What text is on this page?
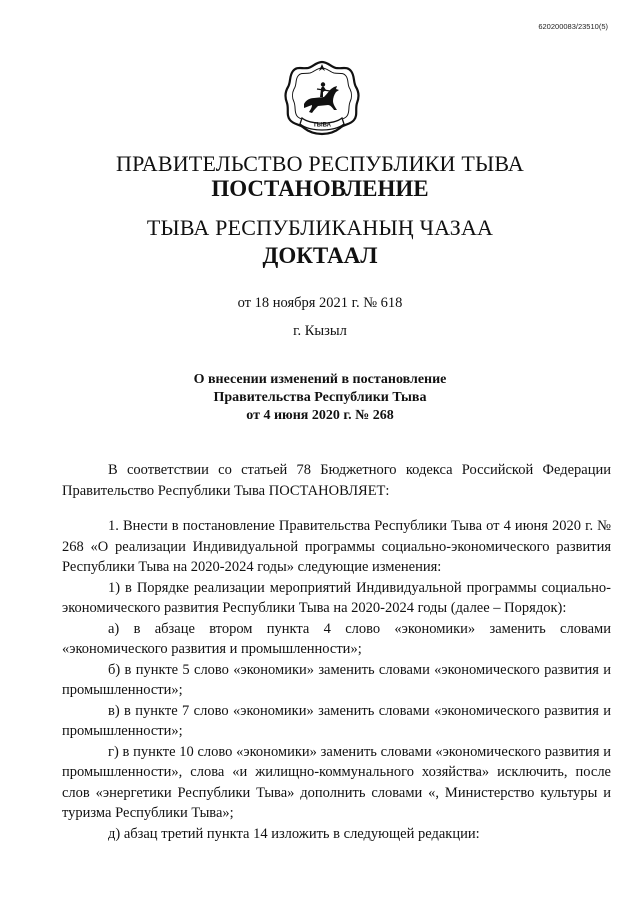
620200083/23510(5)
ТЫВА
ПРАВИТЕЛЬСТВО РЕСПУБЛИКИ ТЫВА
ПОСТАНОВЛЕНИЕ
ТЫВА РЕСПУБЛИКАНЫҢ ЧАЗАА
ДОКТААЛ
от 18 ноября 2021 г. № 618
г. Кызыл
О внесении изменений в постановление
Правительства Республики Тыва
от 4 июня 2020 г. № 268

В соответствии со статьей 78 Бюджетного кодекса Российской Федерации Правительство Республики Тыва ПОСТАНОВЛЯЕТ:

1. Внести в постановление Правительства Республики Тыва от 4 июня 2020 г. № 268 «О реализации Индивидуальной программы социально-экономического развития Республики Тыва на 2020-2024 годы» следующие изменения:

1) в Порядке реализации мероприятий Индивидуальной программы социально-экономического развития Республики Тыва на 2020-2024 годы (далее – Порядок):

а) в абзаце втором пункта 4 слово «экономики» заменить словами «экономического развития и промышленности»;

б) в пункте 5 слово «экономики» заменить словами «экономического развития и промышленности»;

в) в пункте 7 слово «экономики» заменить словами «экономического развития и промышленности»;

г) в пункте 10 слово «экономики» заменить словами «экономического развития и промышленности», слова «и жилищно-коммунального хозяйства» исключить, после слов «энергетики Республики Тыва» дополнить словами «, Министерство культуры и туризма Республики Тыва»;

д) абзац третий пункта 14 изложить в следующей редакции:
